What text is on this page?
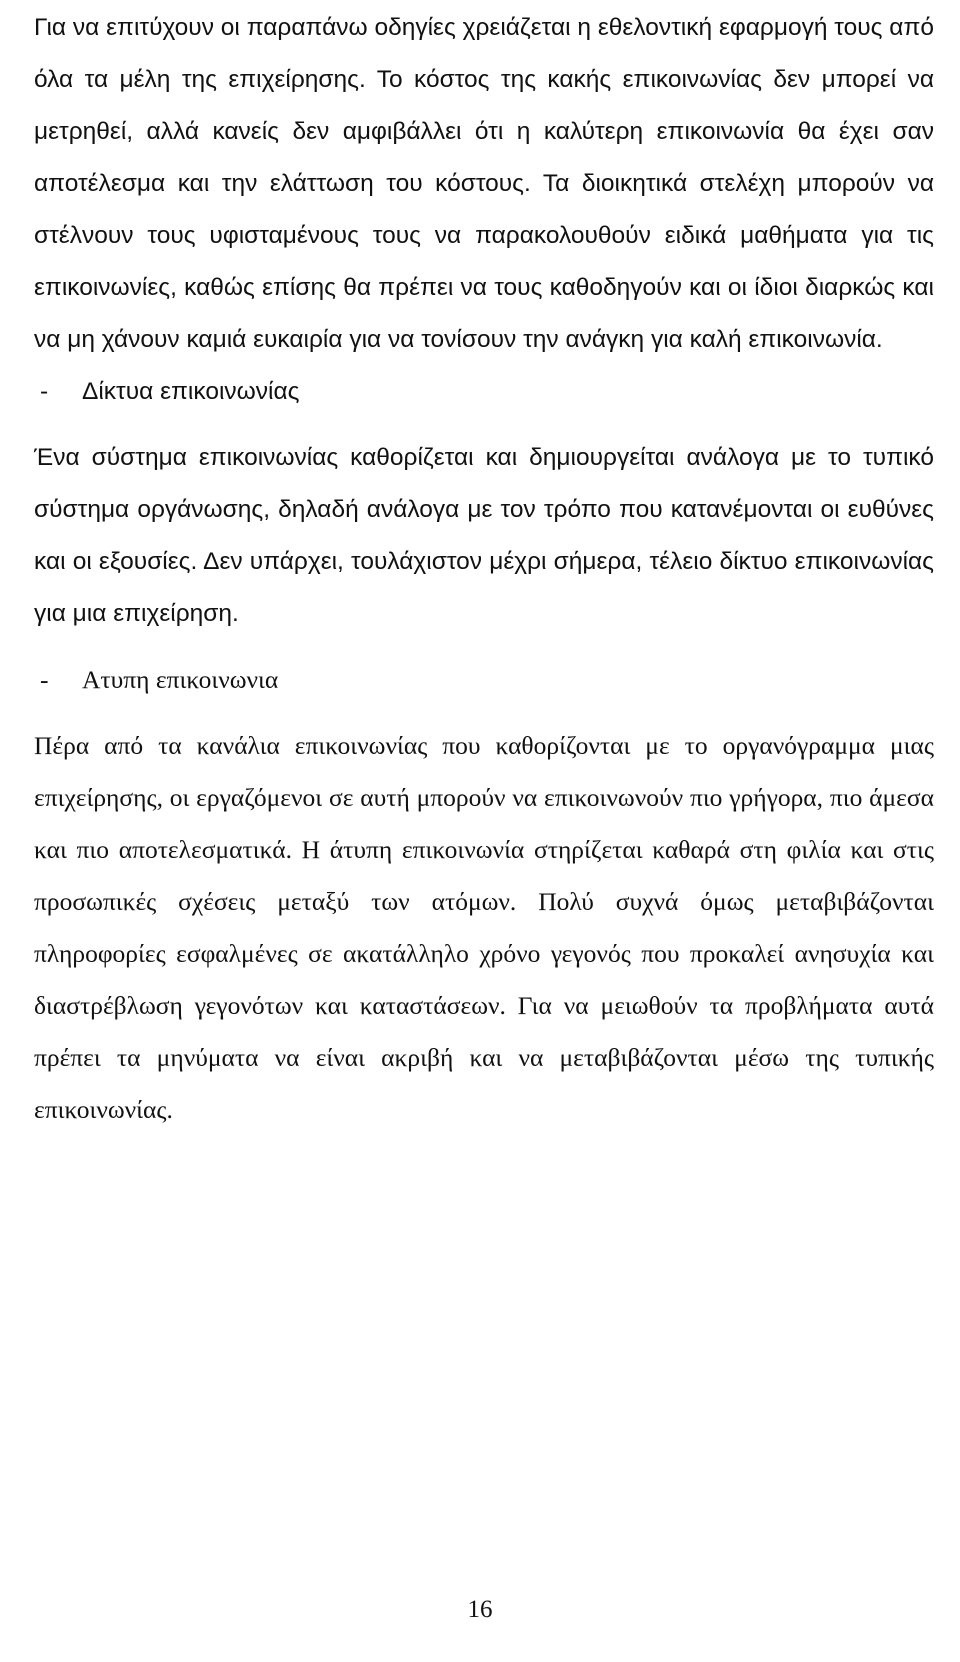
Για να επιτύχουν οι παραπάνω οδηγίες χρειάζεται η εθελοντική εφαρμογή τους από όλα τα μέλη της επιχείρησης. Το κόστος της κακής επικοινωνίας δεν μπορεί να μετρηθεί, αλλά κανείς δεν αμφιβάλλει ότι η καλύτερη επικοινωνία θα έχει σαν αποτέλεσμα και την ελάττωση του κόστους. Τα διοικητικά στελέχη μπορούν να στέλνουν τους υφισταμένους τους να παρακολουθούν ειδικά μαθήματα για τις επικοινωνίες, καθώς επίσης θα πρέπει να τους καθοδηγούν και οι ίδιοι διαρκώς και να μη χάνουν καμιά ευκαιρία για να τονίσουν την ανάγκη για καλή επικοινωνία.

-	Δίκτυα επικοινωνίας

Ένα σύστημα επικοινωνίας καθορίζεται και δημιουργείται ανάλογα με το τυπικό σύστημα οργάνωσης, δηλαδή ανάλογα με τον τρόπο που κατανέμονται οι ευθύνες και οι εξουσίες. Δεν υπάρχει, τουλάχιστον μέχρι σήμερα, τέλειο δίκτυο επικοινωνίας για μια επιχείρηση.

-	Ατυπη επικοινωνια

Πέρα από τα κανάλια επικοινωνίας που καθορίζονται με το οργανόγραμμα μιας επιχείρησης, οι εργαζόμενοι σε αυτή μπορούν να επικοινωνούν πιο γρήγορα, πιο άμεσα και πιο αποτελεσματικά. Η άτυπη επικοινωνία στηρίζεται καθαρά στη φιλία και στις προσωπικές σχέσεις μεταξύ των ατόμων. Πολύ συχνά όμως μεταβιβάζονται πληροφορίες εσφαλμένες σε ακατάλληλο χρόνο γεγονός που προκαλεί ανησυχία και διαστρέβλωση γεγονότων και καταστάσεων. Για να μειωθούν τα προβλήματα αυτά πρέπει τα μηνύματα να είναι ακριβή και να μεταβιβάζονται μέσω της τυπικής επικοινωνίας.

16
